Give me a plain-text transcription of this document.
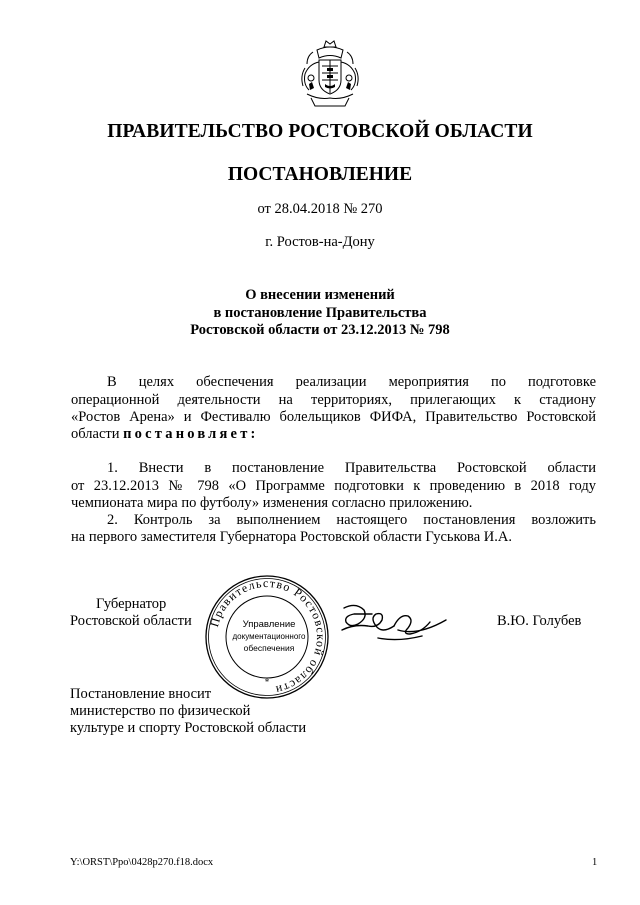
ПРАВИТЕЛЬСТВО РОСТОВСКОЙ ОБЛАСТИ
ПОСТАНОВЛЕНИЕ
от 28.04.2018 № 270
г. Ростов-на-Дону
О внесении изменений
в постановление Правительства
Ростовской области от 23.12.2013 № 798
В целях обеспечения реализации мероприятия по подготовке
операционной деятельности на территориях, прилегающих к стадиону
«Ростов Арена» и Фестивалю болельщиков ФИФА, Правительство Ростовской
области постановляет:
1. Внести в постановление Правительства Ростовской области
от 23.12.2013 № 798 «О Программе подготовки к проведению в 2018 году
чемпионата мира по футболу» изменения согласно приложению.
2. Контроль за выполнением настоящего постановления возложить
на первого заместителя Губернатора Ростовской области Гуськова И.А.
Губернатор
Ростовской области Правительство Ростовской области
Управление
документационного
обеспечения
*
В.Ю. Голубев
Постановление вносит
министерство по физической
культуре и спорту Ростовской области
Y:\ORST\Ppo\0428p270.f18.docx	1
